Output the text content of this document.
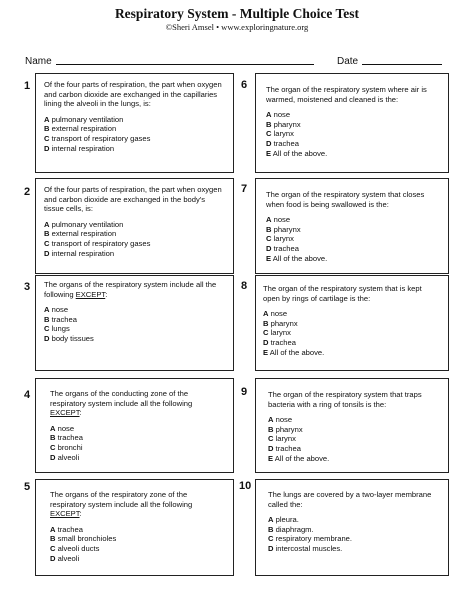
Respiratory System - Multiple Choice Test
©Sheri Amsel • www.exploringnature.org
Name	Date
1 Of the four parts of respiration, the part when oxygen and carbon dioxide are exchanged in the capillaries lining the alveoli in the lungs, is:
A pulmonary ventilation
B external respiration
C transport of respiratory gases
D internal respiration
2 Of the four parts of respiration, the part when oxygen and carbon dioxide are exchanged in the body's tissue cells, is:
A pulmonary ventilation
B external respiration
C transport of respiratory gases
D internal respiration
3 The organs of the respiratory system include all the following EXCEPT:
A nose
B trachea
C lungs
D body tissues
4	The organs of the conducting zone of the respiratory system include all the following EXCEPT:
A nose
B trachea
C bronchi
D alveoli
5
The organs of the respiratory zone of the respiratory system include all the following EXCEPT:
A trachea
B small bronchioles
C alveoli ducts
D alveoli
6 The organ of the respiratory system where air is warmed, moistened and cleaned is the:
A nose
B pharynx
C larynx
D trachea
E All of the above.
7 The organ of the respiratory system that closes when food is being swallowed is the:
A nose
B pharynx
C larynx
D trachea
E All of the above.
8 The organ of the respiratory system that is kept open by rings of cartilage is the:
A nose
B pharynx
C larynx
D trachea
E All of the above.
9	The organ of the respiratory system that traps bacteria with a ring of tonsils is the:
A nose
B pharynx
C larynx
D trachea
E All of the above.
10
The lungs are covered by a two-layer membrane called the:
A pleura.
B diaphragm.
C respiratory membrane.
D intercostal muscles.
